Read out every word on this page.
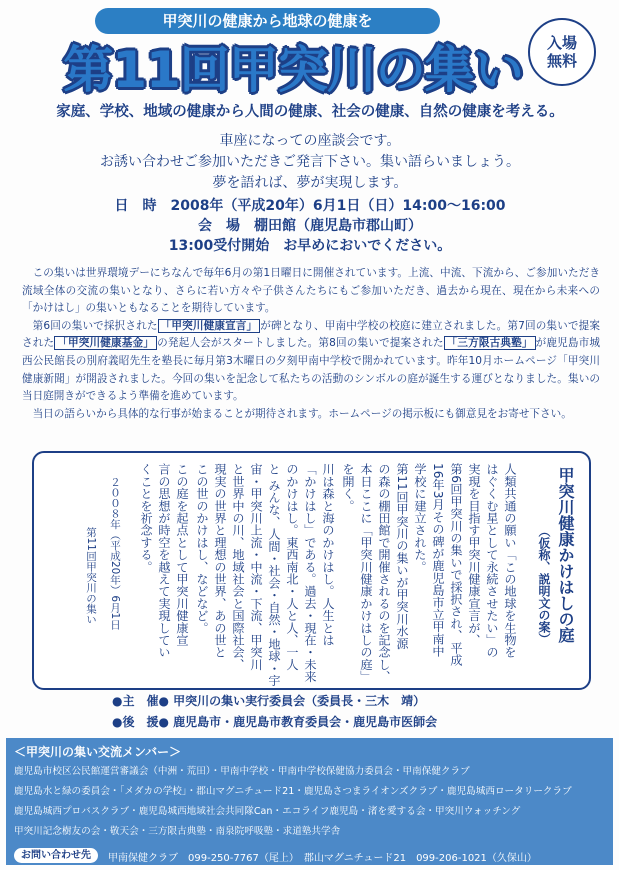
甲突川の健康から地球の健康を
第11回甲突川の集い	入場
無料
家庭、学校、地域の健康から人間の健康、社会の健康、自然の健康を考える。
車座になっての座談会です。
お誘い合わせご参加いただきご発言下さい。集い語らいましょう。
夢を語れば、夢が実現します。
日　時　2008年（平成20年）6月1日（日）14:00〜16:00
会　場　棚田館（鹿児島市郡山町）
13:00受付開始　お早めにおいでください。

この集いは世界環境デーにちなんで毎年6月の第1日曜日に開催されています。上流、中流、下流から、ご参加いただき流域全体の交流の集いとなり、さらに若い方々や子供さんたちにもご参加いただき、過去から現在、現在から未来への「かけはし」の集いともなることを期待しています。

第6回の集いで採択された 「甲突川健康宣言」 が碑となり、甲南中学校の校庭に建立されました。第7回の集いで提案された 「甲突川健康基金」 の発起人会がスタートしました。第8回の集いで提案された 「三方限古典塾」 が鹿児島市城西公民館長の別府義昭先生を塾長に毎月第3木曜日の夕刻甲南中学校で開かれています。昨年10月ホームページ「甲突川健康新聞」が開設されました。今回の集いを記念して私たちの活動のシンボルの庭が誕生する運びとなりました。集いの当日庭開きができるよう準備を進めています。

当日の語らいから具体的な行事が始まることが期待されます。ホームページの掲示板にも御意見をお寄せ下さい。

甲突川健康かけはしの庭
（仮称、説明文の案）
人類共通の願い「この地球を生物を
はぐくむ星として永続させたい」の
実現を目指す甲突川健康宣言が、
第6回甲突川の集いで採択され、平成
16年3月その碑が鹿児島市立甲南中
学校に建立された。
第11回甲突川の集いが甲突川水源
の森の棚田館で開催されるのを記念し、
本日ここに「甲突川健康かけはしの庭」
を開く。
川は森と海のかけはし。人生とは
「かけはし」である。過去・現在・未来
のかけはし。東西南北・人と人、一人
と みんな、人間・社会・自然・地球・宇
宙・甲突川上流・中流・下流、甲突川
と世界中の川、地域社会と国際社会、
現実の世界と理想の世界、あの世と
この世のかけはし、などなど。
この庭を起点として甲突川健康宣
言の思想が時空を越えて実現してい
くことを祈念する。
２００８年（平成20年）6月1日
第11回甲突川の集い
●主　催● 甲突川の集い実行委員会（委員長・三木　靖）
●後　援● 鹿児島市・鹿児島市教育委員会・鹿児島市医師会
＜甲突川の集い交流メンバー＞
鹿児島市校区公民館運営審議会（中洲・荒田）・甲南中学校・甲南中学校保健協力委員会・甲南保健クラブ
鹿児島水と緑の委員会・「メダカの学校」・郡山マグニチュード21・鹿児島さつまライオンズクラブ・鹿児島城西ロータリークラブ
鹿児島城西プロバスクラブ・鹿児島城西地域社会共同隊Can・エコライフ鹿児島・渚を愛する会・甲突川ウォッチング
甲突川記念樹友の会・敬天会・三方限古典塾・南泉院呼吸塾・求道塾共学舎
お問い合わせ先	甲南保健クラブ　099-250-7767（尾上）　郡山マグニチュード21　099-206-1021（久保山）
